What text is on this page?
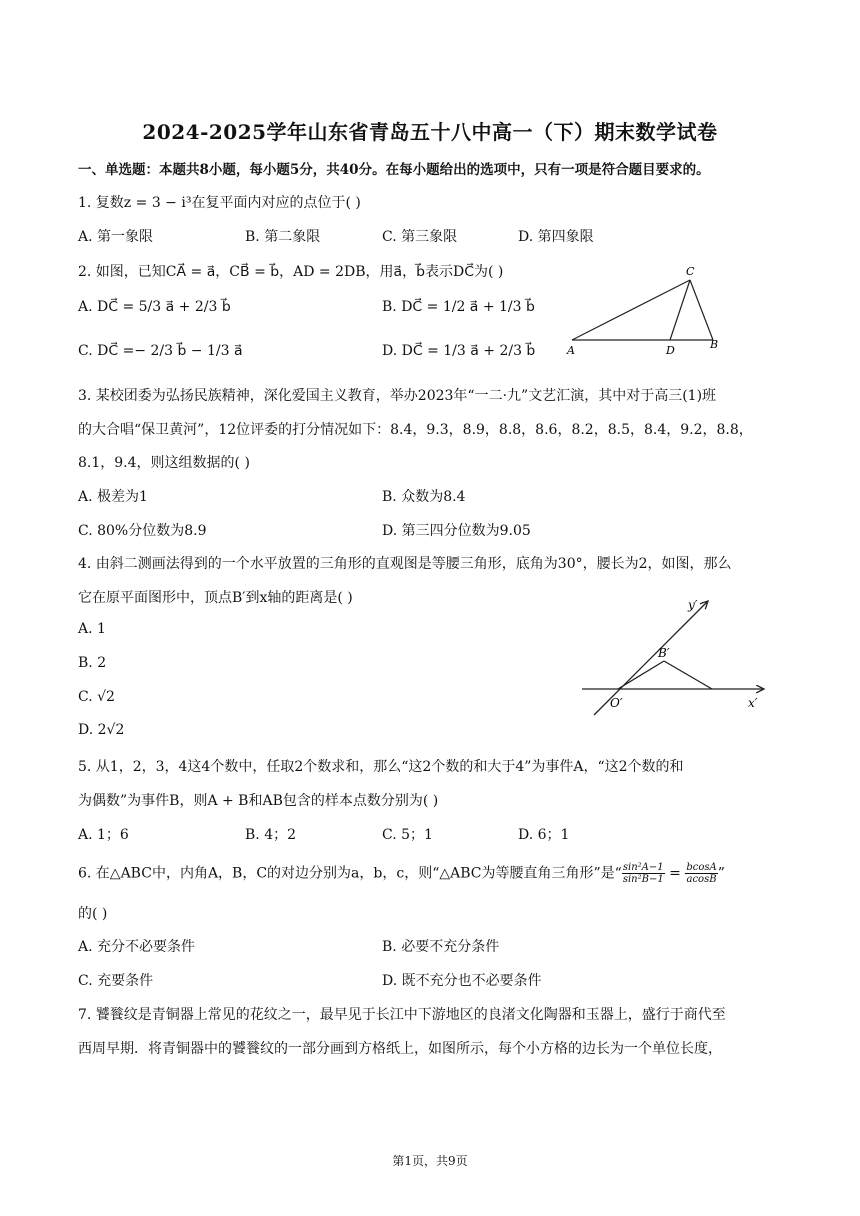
2024-2025学年山东省青岛五十八中高一（下）期末数学试卷
一、单选题：本题共8小题，每小题5分，共40分。在每小题给出的选项中，只有一项是符合题目要求的。
1. 复数z = 3 − i³在复平面内对应的点位于( )
A. 第一象限	B. 第二象限	C. 第三象限	D. 第四象限
2. 如图，已知CA⃗ = a⃗，CB⃗ = b⃗，AD = 2DB，用a⃗，b⃗表示DC⃗为( )
A. DC⃗ = 5/3 a⃗ + 2/3 b⃗	B. DC⃗ = 1/2 a⃗ + 1/3 b⃗
C. DC⃗ =− 2/3 b⃗ − 1/3 a⃗	D. DC⃗ = 1/3 a⃗ + 2/3 b⃗
C
A	D	B
3. 某校团委为弘扬民族精神，深化爱国主义教育，举办2023年“一二·九”文艺汇演，其中对于高三(1)班
的大合唱“保卫黄河”，12位评委的打分情况如下：8.4，9.3，8.9，8.8，8.6，8.2，8.5，8.4，9.2，8.8，
8.1，9.4，则这组数据的( )
A. 极差为1	B. 众数为8.4
C. 80%分位数为8.9	D. 第三四分位数为9.05
4. 由斜二测画法得到的一个水平放置的三角形的直观图是等腰三角形，底角为30°，腰长为2，如图，那么
它在原平面图形中，顶点B′到x轴的距离是( )
A. 1
B. 2
C. √2
D. 2√2
y′
x′
B′
O′
5. 从1，2，3，4这4个数中，任取2个数求和，那么“这2个数的和大于4”为事件A，“这2个数的和
为偶数”为事件B，则A + B和AB包含的样本点数分别为( )
A. 1；6	B. 4；2	C. 5；1	D. 6；1
6. 在△ABC中，内角A，B，C的对边分别为a，b，c，则“△ABC为等腰直角三角形”是“ $\frac{\text{sin²A−1}}{\text{sin²B−1}} = \frac{bcosA}{acosB}$ ”
的( )
A. 充分不必要条件	B. 必要不充分条件
C. 充要条件	D. 既不充分也不必要条件
7. 饕餮纹是青铜器上常见的花纹之一，最早见于长江中下游地区的良渚文化陶器和玉器上，盛行于商代至
西周早期．将青铜器中的饕餮纹的一部分画到方格纸上，如图所示，每个小方格的边长为一个单位长度，
第1页，共9页
